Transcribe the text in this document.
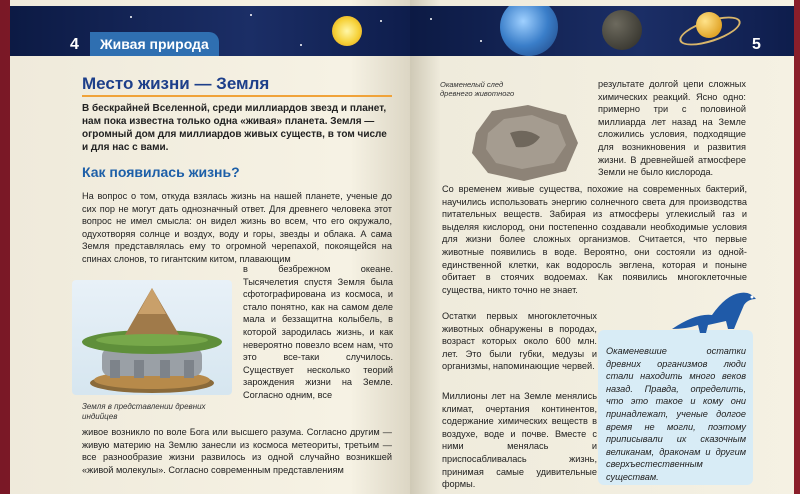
4	Живая природа
Место жизни — Земля
В бескрайней Вселенной, среди миллиардов звезд и планет, нам пока известна только одна «живая» планета. Земля — огромный дом для миллиардов живых существ, в том числе и для нас с вами.
Как появилась жизнь?
На вопрос о том, откуда взялась жизнь на нашей планете, ученые до сих пор не могут дать однозначный ответ. Для древнего человека этот вопрос не имел смысла: он видел жизнь во всем, что его окружало, одухотворяя солнце и воздух, воду и горы, звезды и облака. А сама Земля представлялась ему то огромной черепахой, покоящейся на спинах слонов, то гигантским китом, плавающим
Земля в представлении древних индийцев
в безбрежном океане. Тысячелетия спустя Земля была сфотографирована из космоса, и стало понятно, как на самом деле мала и беззащитна колыбель, в которой зародилась жизнь, и как невероятно повезло всем нам, что это все-таки случилось. Существует несколько теорий зарождения жизни на Земле. Согласно одним, все
живое возникло по воле Бога или высшего разума. Согласно другим — живую материю на Землю занесли из космоса метеориты, третьим — все разнообразие жизни развилось из одной случайно возникшей «живой молекулы». Согласно современным представлениям
5
Окаменелый след древнего животного
результате долгой цепи сложных химических реакций. Ясно одно: примерно три с половиной миллиарда лет назад на Земле сложились условия, подходящие для возникновения и развития жизни. В древнейшей атмосфере Земли не было кислорода.
Со временем живые существа, похожие на современных бактерий, научились использовать энергию солнечного света для производства питательных веществ. Забирая из атмосферы углекислый газ и выделяя кислород, они постепенно создавали необходимые условия для жизни более сложных организмов. Считается, что первые животные появились в воде. Вероятно, они состояли из одной-единственной клетки, как водоросль эвглена, которая и поныне обитает в стоячих водоемах. Как появились многоклеточные существа, никто точно не знает.
Остатки первых многоклеточных животных обнаружены в породах, возраст которых около 600 млн. лет. Это были губки, медузы и организмы, напоминающие червей.
Миллионы лет на Земле менялись климат, очертания континентов, содержание химических веществ в воздухе, воде и почве. Вместе с ними менялась и приспосабливалась жизнь, принимая самые удивительные формы.
Окаменевшие остатки древних организмов люди стали находить много веков назад. Правда, определить, что это такое и кому они принадлежат, ученые долгое время не могли, поэтому приписывали их сказочным великанам, драконам и другим сверхъестественным существам.
